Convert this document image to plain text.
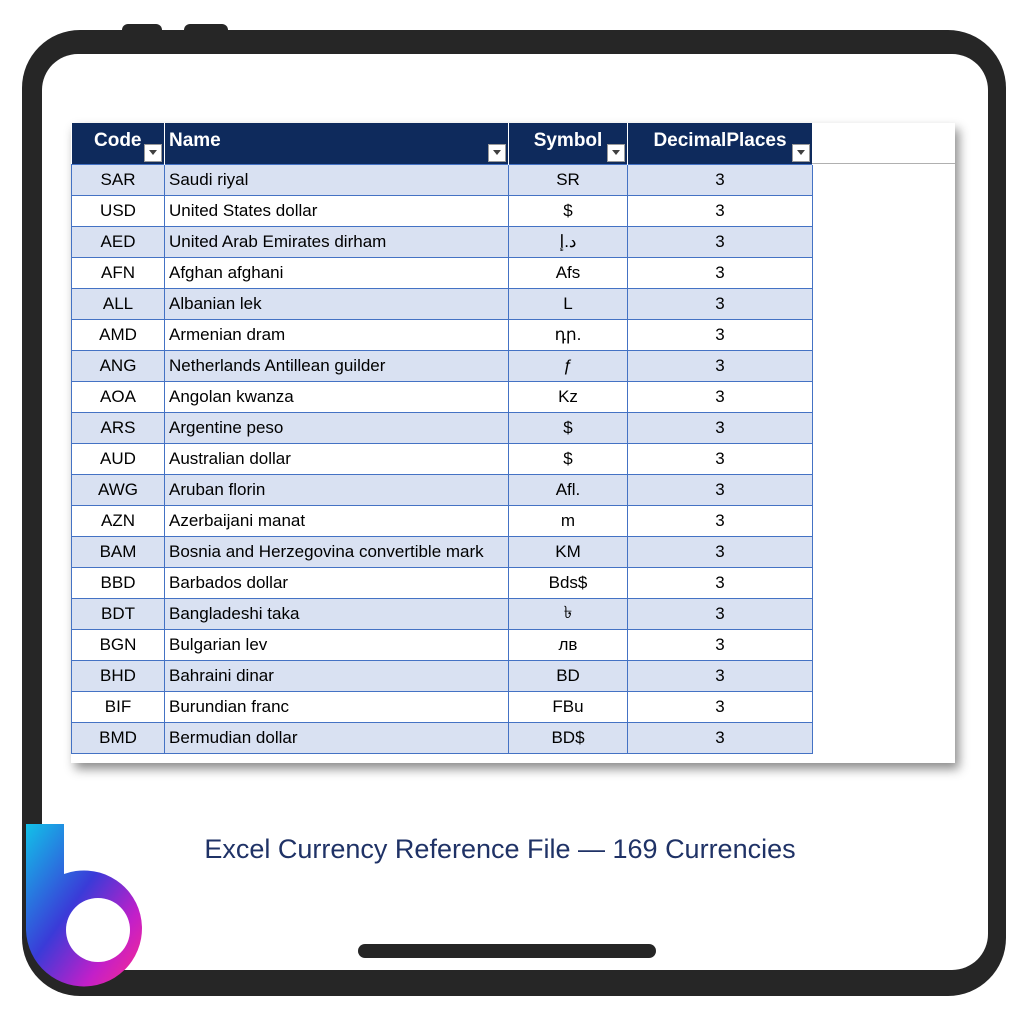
Code	Name	Symbol	DecimalPlaces

SAR	Saudi riyal	SR	3
USD	United States dollar	$	3
AED	United Arab Emirates dirham	د.إ	3
AFN	Afghan afghani	Afs	3
ALL	Albanian lek	L	3
AMD	Armenian dram	դր.	3
ANG	Netherlands Antillean guilder	ƒ	3
AOA	Angolan kwanza	Kz	3
ARS	Argentine peso	$	3
AUD	Australian dollar	$	3
AWG	Aruban florin	Afl.	3
AZN	Azerbaijani manat	m	3
BAM	Bosnia and Herzegovina convertible mark	KM	3
BBD	Barbados dollar	Bds$	3
BDT	Bangladeshi taka	৳	3
BGN	Bulgarian lev	лв	3
BHD	Bahraini dinar	BD	3
BIF	Burundian franc	FBu	3
BMD	Bermudian dollar	BD$	3
Excel Currency Reference File — 169 Currencies
